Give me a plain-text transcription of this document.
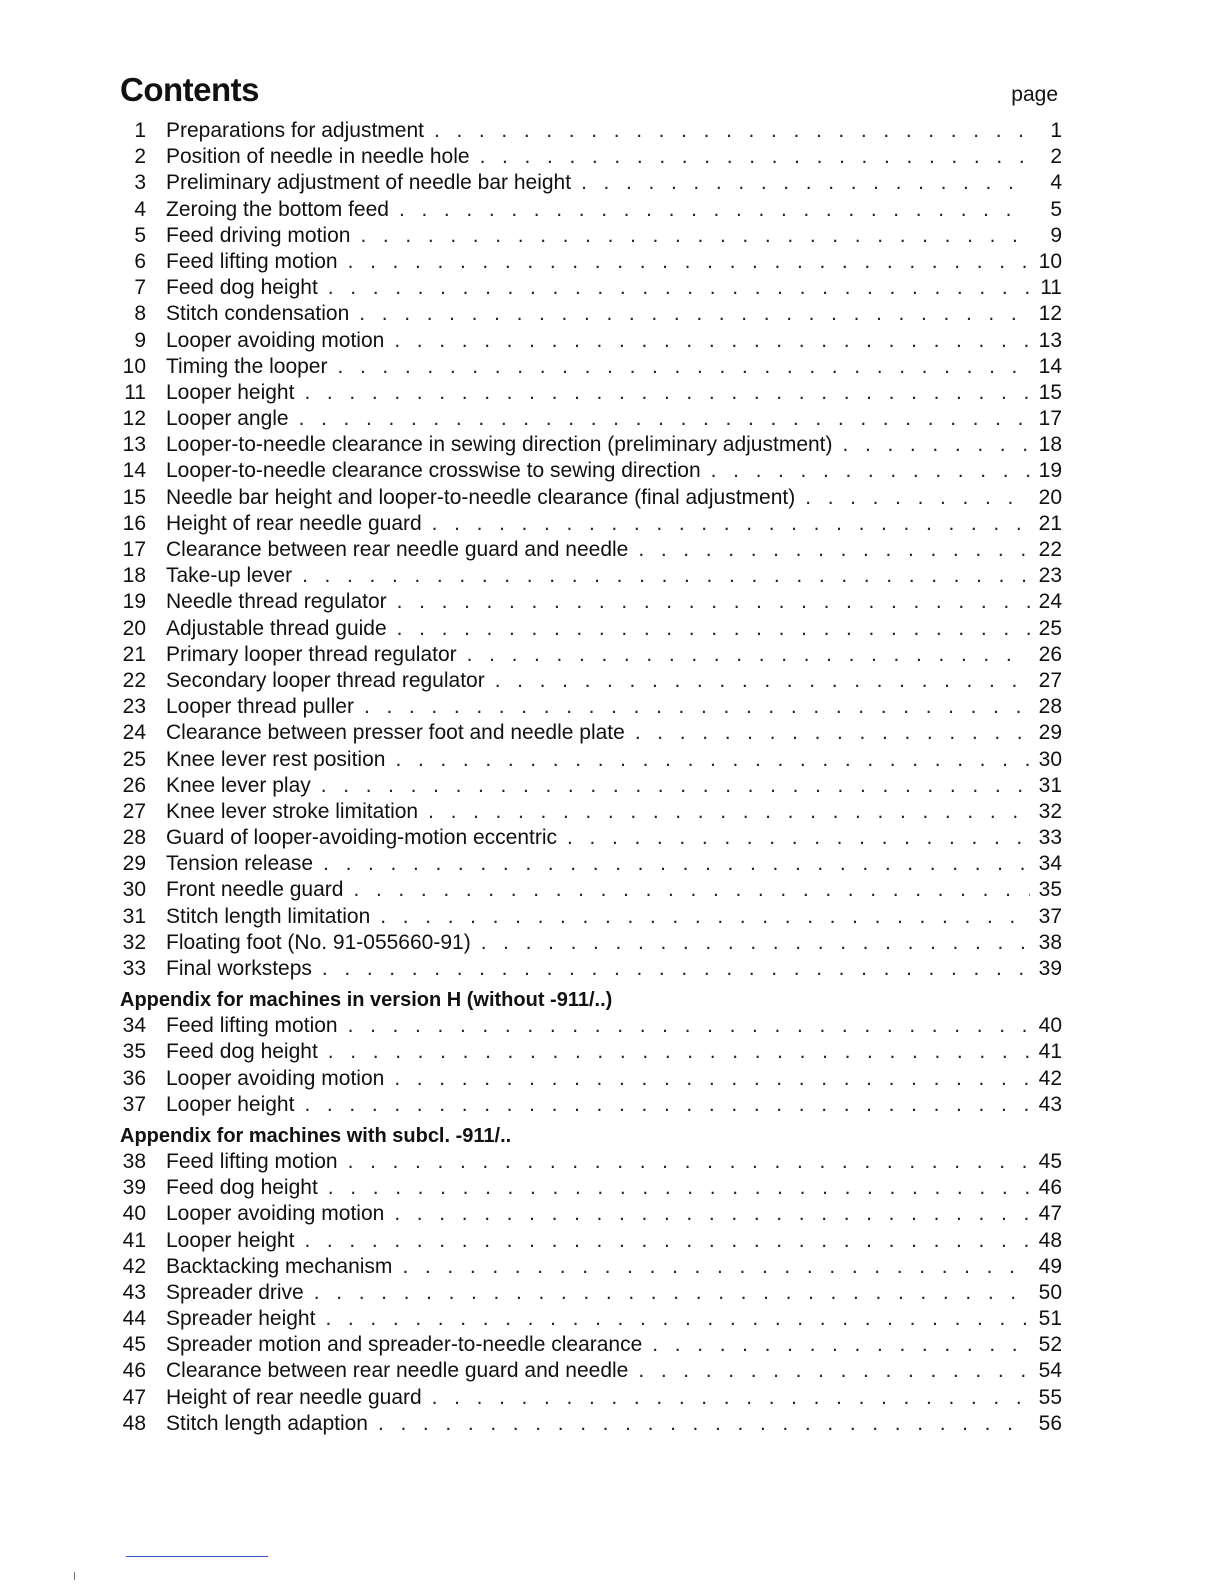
Contents	page
1 Preparations for adjustment . . .	1
2 Position of needle in needle hole . . .	2
3 Preliminary adjustment of needle bar height . . .	4
4 Zeroing the bottom feed . . .	5
5 Feed driving motion . . .	9
6 Feed lifting motion . . .	10
7 Feed dog height . . .	11
8 Stitch condensation . . .	12
9 Looper avoiding motion . . .	13
10 Timing the looper . . .	14
11 Looper height . . .	15
12 Looper angle . . .	17
13 Looper-to-needle clearance in sewing direction (preliminary adjustment) . . .	18
14 Looper-to-needle clearance crosswise to sewing direction . . .	19
15 Needle bar height and looper-to-needle clearance (final adjustment) . . .	20
16 Height of rear needle guard . . .	21
17 Clearance between rear needle guard and needle . . .	22
18 Take-up lever . . .	23
19 Needle thread regulator . . .	24
20 Adjustable thread guide . . .	25
21 Primary looper thread regulator . . .	26
22 Secondary looper thread regulator . . .	27
23 Looper thread puller . . .	28
24 Clearance between presser foot and needle plate . . .	29
25 Knee lever rest position . . .	30
26 Knee lever play . . .	31
27 Knee lever stroke limitation . . .	32
28 Guard of looper-avoiding-motion eccentric . . .	33
29 Tension release . . .	34
30 Front needle guard . . .	35
31 Stitch length limitation . . .	37
32 Floating foot (No. 91-055660-91) . . .	38
33 Final worksteps . . .	39
Appendix for machines in version H (without -911/..)
34 Feed lifting motion . . .	40
35 Feed dog height . . .	41
36 Looper avoiding motion . . .	42
37 Looper height . . .	43
Appendix for machines with subcl. -911/..
38 Feed lifting motion . . .	45
39 Feed dog height . . .	46
40 Looper avoiding motion . . .	47
41 Looper height . . .	48
42 Backtacking mechanism . . .	49
43 Spreader drive . . .	50
44 Spreader height . . .	51
45 Spreader motion and spreader-to-needle clearance . . .	52
46 Clearance between rear needle guard and needle . . .	54
47 Height of rear needle guard . . .	55
48 Stitch length adaption . . .	56
